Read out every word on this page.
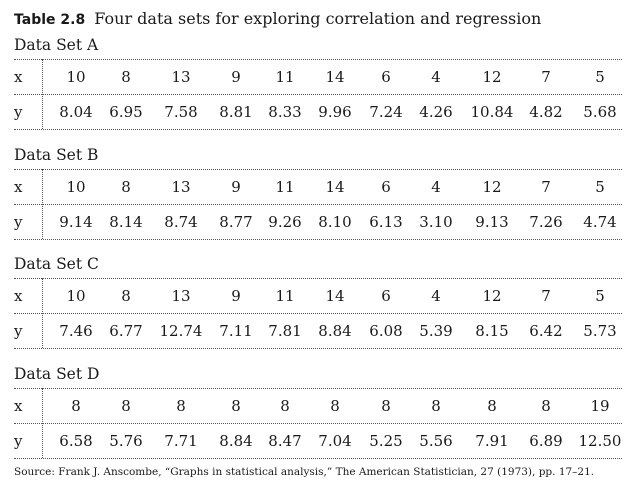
Table 2.8 Four data sets for exploring correlation and regression
Data Set A
x	10	8	13	9	11	14	6	4	12	7	5
y	8.04	6.95	7.58	8.81	8.33	9.96	7.24	4.26	10.84	4.82	5.68
Data Set B
x	10	8	13	9	11	14	6	4	12	7	5
y	9.14	8.14	8.74	8.77	9.26	8.10	6.13	3.10	9.13	7.26	4.74
Data Set C
x	10	8	13	9	11	14	6	4	12	7	5
y	7.46	6.77	12.74	7.11	7.81	8.84	6.08	5.39	8.15	6.42	5.73
Data Set D
x	8	8	8	8	8	8	8	8	8	8	19
y	6.58	5.76	7.71	8.84	8.47	7.04	5.25	5.56	7.91	6.89	12.50
Source: Frank J. Anscombe, “Graphs in statistical analysis,” The American Statistician, 27 (1973), pp. 17–21.
